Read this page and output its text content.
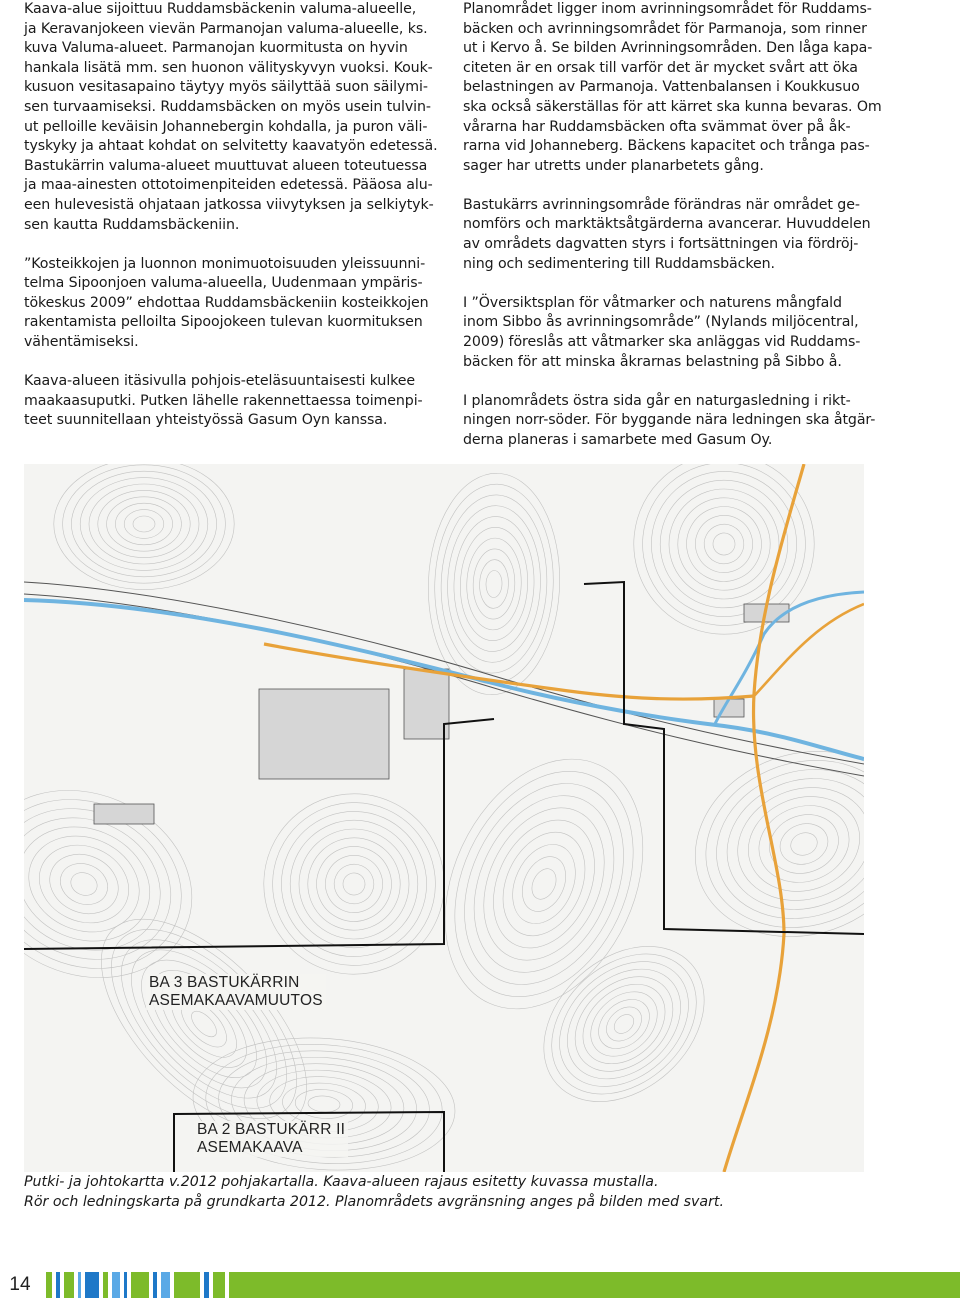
Kaava-alue sijoittuu Ruddamsbäckenin valuma-alueelle,
ja Keravanjokeen vievän Parmanojan valuma-alueelle, ks.
kuva Valuma-alueet. Parmanojan kuormitusta on hyvin
hankala lisätä mm. sen huonon välityskyvyn vuoksi. Kouk-
kusuon vesitasapaino täytyy myös säilyttää suon säilymi-
sen turvaamiseksi. Ruddamsbäcken on myös usein tulvin-
ut pelloille keväisin Johannebergin kohdalla, ja puron väli-
tyskyky ja ahtaat kohdat on selvitetty kaavatyön edetessä.
Bastukärrin valuma-alueet muuttuvat alueen toteutuessa
ja maa-ainesten ottotoimenpiteiden edetessä. Pääosa alu-
een hulevesistä ohjataan jatkossa viivytyksen ja selkiytyk-
sen kautta Ruddamsbäckeniin.

”Kosteikkojen ja luonnon monimuotoisuuden yleissuunni-
telma Sipoonjoen valuma-alueella, Uudenmaan ympäris-
tökeskus 2009” ehdottaa Ruddamsbäckeniin kosteikkojen
rakentamista pelloilta Sipoojokeen tulevan kuormituksen
vähentämiseksi.

Kaava-alueen itäsivulla pohjois-eteläsuuntaisesti kulkee
maakaasuputki. Putken lähelle rakennettaessa toimenpi-
teet suunnitellaan yhteistyössä Gasum Oyn kanssa.

Planområdet ligger inom avrinningsområdet för Ruddams-
bäcken och avrinningsområdet för Parmanoja, som rinner
ut i Kervo å. Se bilden Avrinningsområden. Den låga kapa-
citeten är en orsak till varför det är mycket svårt att öka
belastningen av Parmanoja. Vattenbalansen i Koukkusuo
ska också säkerställas för att kärret ska kunna bevaras. Om
vårarna har Ruddamsbäcken ofta svämmat över på åk-
rarna vid Johanneberg. Bäckens kapacitet och trånga pas-
sager har utretts under planarbetets gång.

Bastukärrs avrinningsområde förändras när området ge-
nomförs och marktäktsåtgärderna avancerar. Huvuddelen
av områdets dagvatten styrs i fortsättningen via fördröj-
ning och sedimentering till Ruddamsbäcken.

I ”Översiktsplan för våtmarker och naturens mångfald
inom Sibbo ås avrinningsområde” (Nylands miljöcentral,
2009) föreslås att våtmarker ska anläggas vid Ruddams-
bäcken för att minska åkrarnas belastning på Sibbo å.

I planområdets östra sida går en naturgasledning i rikt-
ningen norr-söder. För byggande nära ledningen ska åtgär-
derna planeras i samarbete med Gasum Oy.

BA 3 BASTUKÄRRIN
ASEMAKAAVAMUUTOS
BA 2 BASTUKÄRR II
ASEMAKAAVA
Putki- ja johtokartta v.2012 pohjakartalla. Kaava-alueen rajaus esitetty kuvassa mustalla.
Rör och ledningskarta på grundkarta 2012. Planområdets avgränsning anges på bilden med svart.
14
